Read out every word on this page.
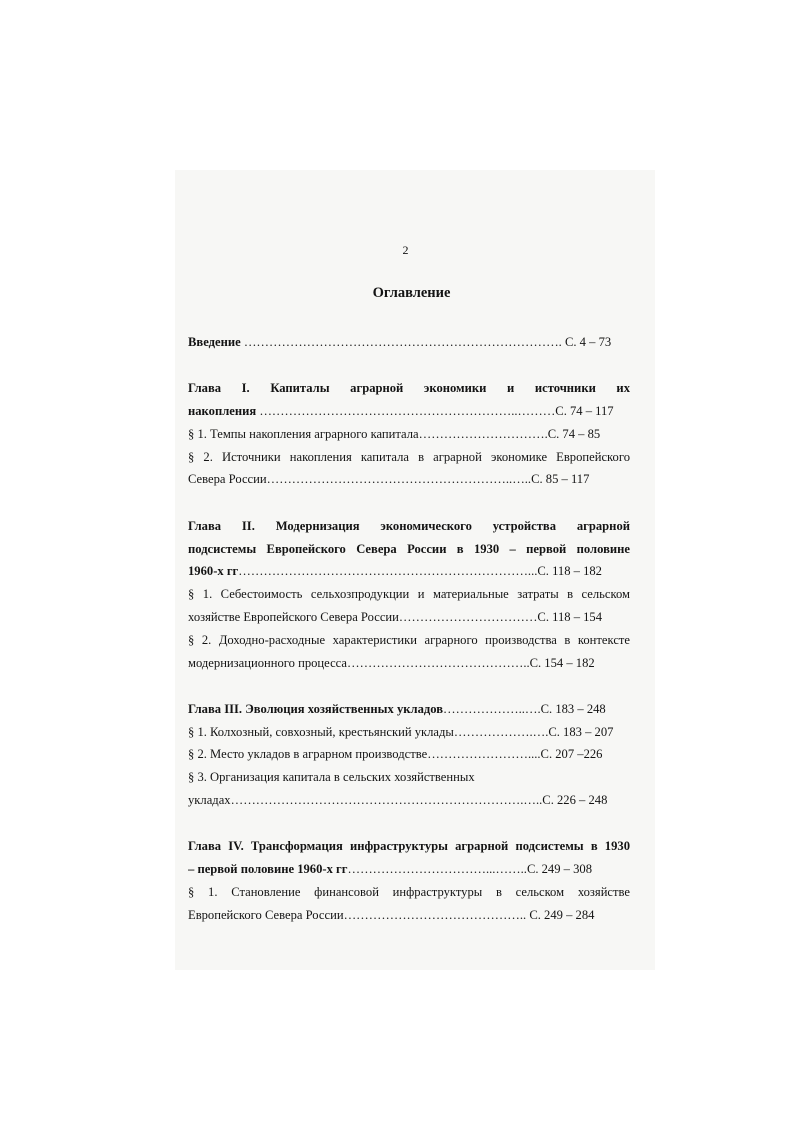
2
Оглавление
Введение …………………………………………………………………. С. 4 – 73
Глава I. Капиталы аграрной экономики и источники их
накопления ……………………………………………………..………С. 74 – 117
§ 1. Темпы накопления аграрного капитала………………………….С. 74 – 85
§ 2. Источники накопления капитала в аграрной экономике Европейского
Севера России…………………………………………………..…..С. 85 – 117
Глава II. Модернизация экономического устройства аграрной
подсистемы Европейского Севера России в 1930 – первой половине
1960-х гг……………………………………………………………...С. 118 – 182
§ 1. Себестоимость сельхозпродукции и материальные затраты в сельском
хозяйстве Европейского Севера России……………………………С. 118 – 154
§ 2. Доходно-расходные характеристики аграрного производства в контексте
модернизационного процесса……………………………………..С. 154 – 182
Глава III. Эволюция хозяйственных укладов………………..….С. 183 – 248
§ 1. Колхозный, совхозный, крестьянский уклады……………….….С. 183 – 207
§ 2. Место укладов в аграрном производстве……………………....С. 207 –226
§ 3. Организация капитала в сельских хозяйственных
укладах…………………………………………………………….…..С. 226 – 248
Глава IV. Трансформация инфраструктуры аграрной подсистемы в 1930
– первой половине 1960-х гг……………………………...……..С. 249 – 308
§ 1. Становление финансовой инфраструктуры в сельском хозяйстве
Европейского Севера России…………………………………….. С. 249 – 284
